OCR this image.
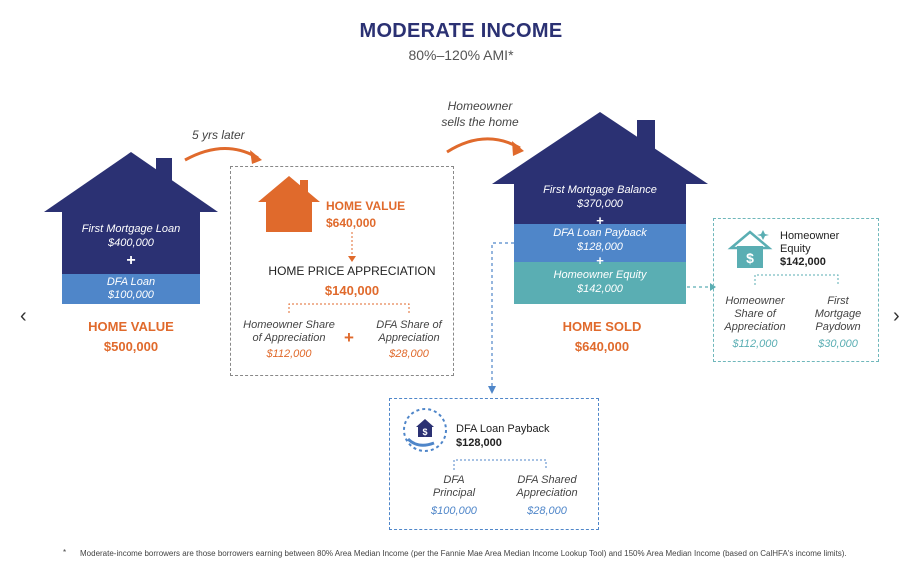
MODERATE INCOME
80%–120% AMI*
‹	›
5 yrs later
Homeowner
sells the home
First Mortgage Loan
$400,000
+
DFA Loan
$100,000
HOME VALUE
$500,000
HOME VALUE
$640,000
HOME PRICE APPRECIATION
$140,000
Homeowner Share
of Appreciation
$112,000
+
DFA Share of
Appreciation
$28,000
First Mortgage Balance
$370,000
+
DFA Loan Payback
$128,000
+
Homeowner Equity
$142,000
HOME SOLD
$640,000
$
Homeowner
Equity
$142,000
Homeowner
Share of
Appreciation
$112,000
First
Mortgage
Paydown
$30,000
$	DFA Loan Payback
$128,000
DFA
Principal
$100,000
DFA Shared
Appreciation
$28,000
* Moderate-income borrowers are those borrowers earning between 80% Area Median Income (per the Fannie Mae Area Median Income Lookup Tool) and 150% Area Median Income (based on CalHFA's income limits).
